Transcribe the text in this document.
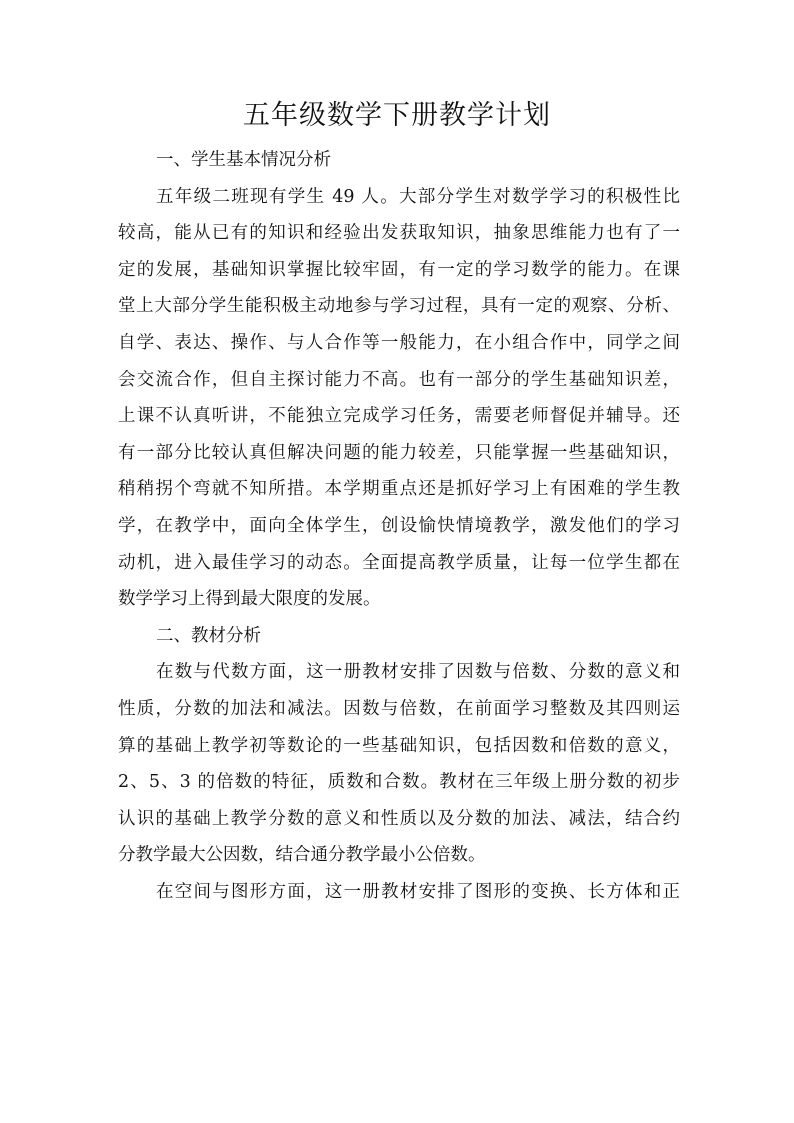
五年级数学下册教学计划
一、学生基本情况分析
五年级二班现有学生 49 人。大部分学生对数学学习的积极性比
较高，能从已有的知识和经验出发获取知识，抽象思维能力也有了一
定的发展，基础知识掌握比较牢固，有一定的学习数学的能力。在课
堂上大部分学生能积极主动地参与学习过程，具有一定的观察、分析、
自学、表达、操作、与人合作等一般能力，在小组合作中，同学之间
会交流合作，但自主探讨能力不高。也有一部分的学生基础知识差，
上课不认真听讲，不能独立完成学习任务，需要老师督促并辅导。还
有一部分比较认真但解决问题的能力较差，只能掌握一些基础知识，
稍稍拐个弯就不知所措。本学期重点还是抓好学习上有困难的学生教
学，在教学中，面向全体学生，创设愉快情境教学，激发他们的学习
动机，进入最佳学习的动态。全面提高教学质量，让每一位学生都在
数学学习上得到最大限度的发展。
二、教材分析
在数与代数方面，这一册教材安排了因数与倍数、分数的意义和
性质，分数的加法和减法。因数与倍数，在前面学习整数及其四则运
算的基础上教学初等数论的一些基础知识，包括因数和倍数的意义，
2、5、3 的倍数的特征，质数和合数。教材在三年级上册分数的初步
认识的基础上教学分数的意义和性质以及分数的加法、减法，结合约
分教学最大公因数，结合通分教学最小公倍数。
在空间与图形方面，这一册教材安排了图形的变换、长方体和正
